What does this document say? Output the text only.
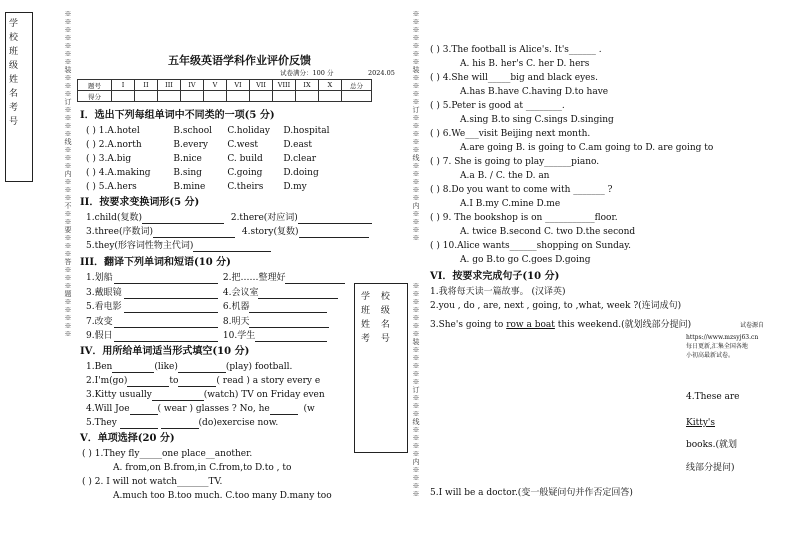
学 校
班 级
姓 名
考 号
※※※※※※※装※※※订※※※※线※※※内※※※不※※要※※※答※※※题※※※※※
五年级英语学科作业评价反馈
试卷满分：100 分	2024.05
题号	I	II	III	IV	V	VI	VII	VIII	IX	X	总分
得分											
I．选出下列每组单词中不同类的一项(5 分)
( ) 1.A.hotel	B.school C.holiday D.hospital
( ) 2.A.north	B.every C.west	D.east
( ) 3.A.big	B.nice	C. build D.clear
( ) 4.A.making	B.sing	C.going D.doing
( ) 5.A.hers	B.mine C.theirs D.my
II．按要求变换词形(5 分)
1.child(复数)	2.there(对应词)
3.three(序数词)	4.story(复数)
5.they(形容词性物主代词)
III．翻译下列单词和短语(10 分)
1.划船	2.把……整理好
3.戴眼镜	4.会议室
5.看电影	6.机器
7.改变	8.明天
9.假日	10.学生
IV．用所给单词适当形式填空(10 分)
1.Ben	(like)	(play) football.
2.I'm(go)	to	( read ) a story every e
3.Kitty usually	(watch) TV on Friday even
4.Will Joe	( wear ) glasses ? No, he	(w
5.They	(do)exercise now.
V．单项选择(20 分)
( ) 1.They fly_____one place__another.
A. from,on B.from,in C.from,to D.to , to
( ) 2. I will not watch_______TV.
A.much too B.too much. C.too many D.many too
学 校
班 级
姓 名
考 号
※※※※※※※装※※※※※订※※※线※※※※内※※※※
※※※※※※※装※※※※订※※※※※线※※※※※内※※※※
( ) 3.The football is Alice's. It's______ .
A. his B. her's C. her D. hers
( ) 4.She will_____big and black eyes.
A.has B.have C.having D.to have
( ) 5.Peter is good at ________.
A.sing B.to sing C.sings D.singing
( ) 6.We___visit Beijing next month.
A.are going B. is going to C.am going to D. are going to
( ) 7. She is going to play______piano.
A.a B. / C. the D. an
( ) 8.Do you want to come with _______ ?
A.I B.my C.mine D.me
( ) 9. The bookshop is on ___________floor.
A. twice B.second C. two D.the second
( ) 10.Alice wants______shopping on Sunday.
A. go B.to go C.goes D.going
VI．按要求完成句子(10 分)
1.我将每天读一篇故事。 (汉译英)
2.you , do , are, next , going, to ,what, week ?(连词成句)
3.She's going to row a boat this weekend.(就划线部分提问)	试卷源自
https://www.mzsyj63.cn 每日更新,汇集全国各地小初高最新试卷。
4.These are
Kitty's
books.(就划
线部分提问)
5.I will be a doctor.(变一般疑问句并作否定回答)
